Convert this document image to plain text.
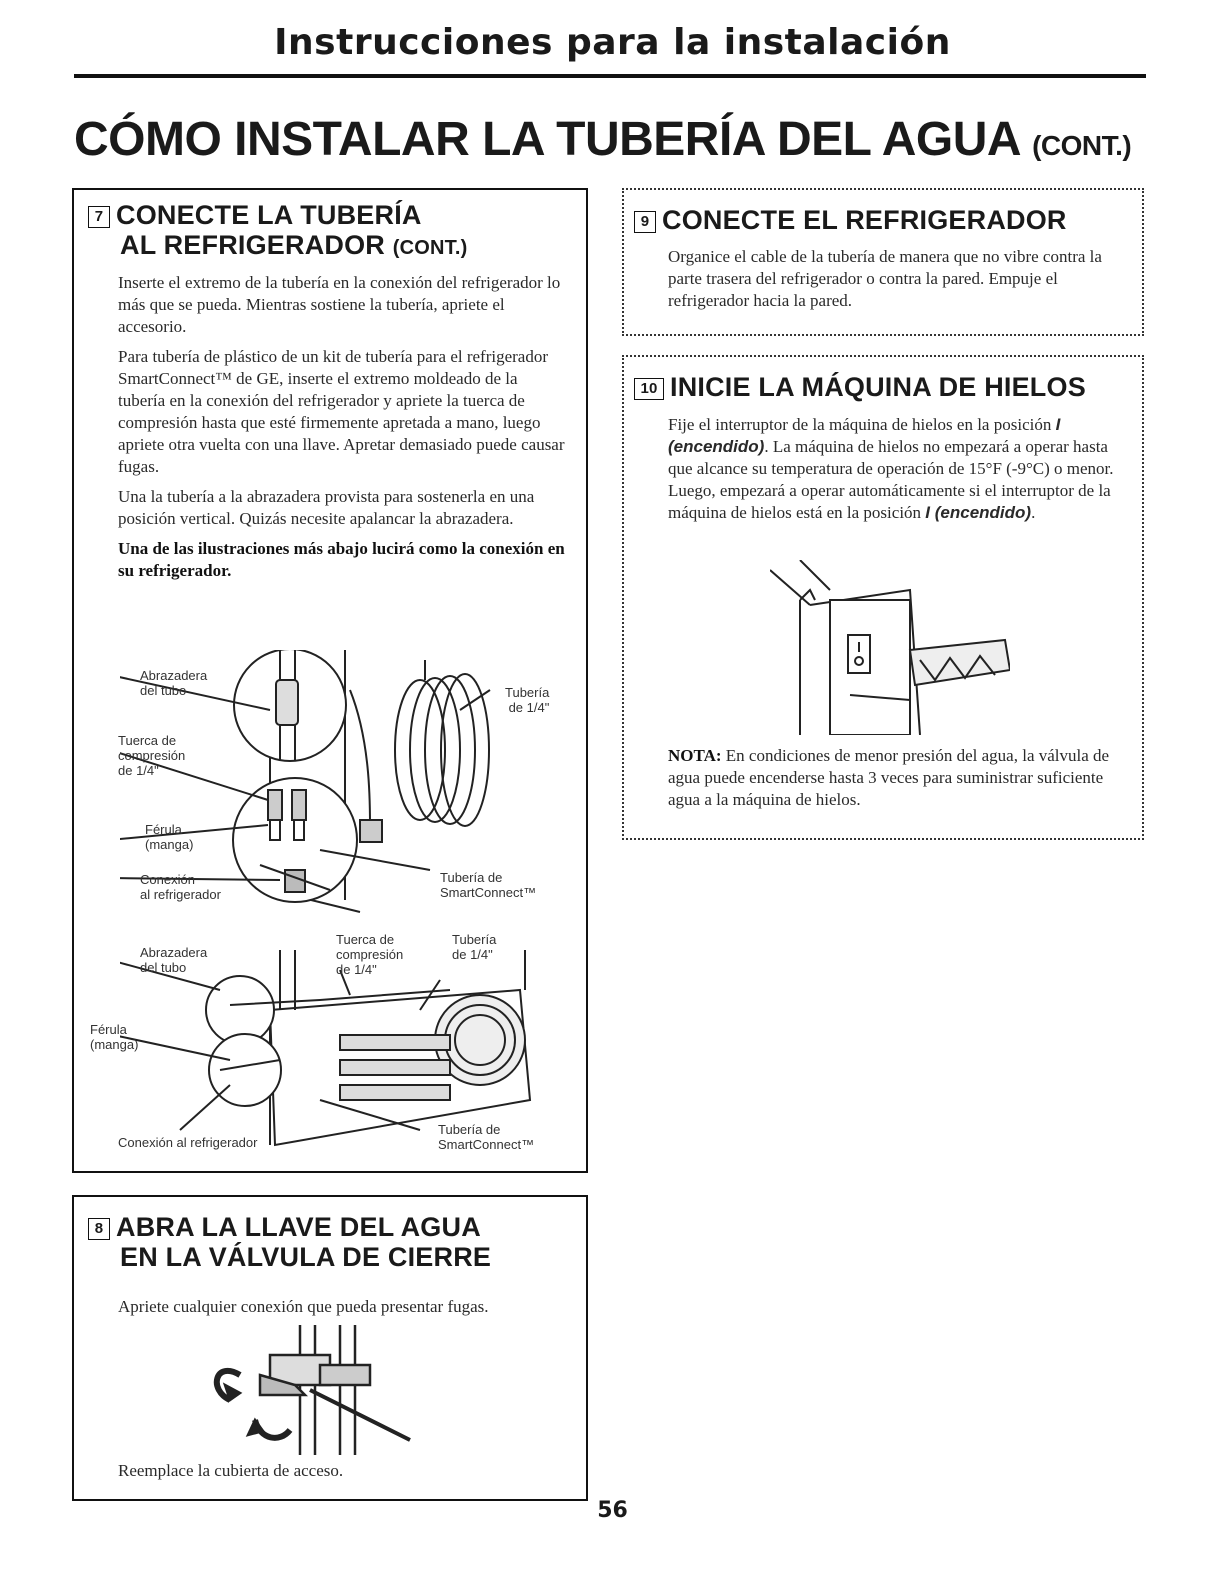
Instrucciones para la instalación
CÓMO INSTALAR LA TUBERÍA DEL AGUA (CONT.)
7 CONECTE LA TUBERÍA
AL REFRIGERADOR (CONT.)

Inserte el extremo de la tubería en la conexión del refrigerador lo más que se pueda. Mientras sostiene la tubería, apriete el accesorio.

Para tubería de plástico de un kit de tubería para el refrigerador SmartConnect™ de GE, inserte el extremo moldeado de la tubería en la conexión del refrigerador y apriete la tuerca de compresión hasta que esté firmemente apretada a mano, luego apriete otra vuelta con una llave. Apretar demasiado puede causar fugas.

Una la tubería a la abrazadera provista para sostenerla en una posición vertical. Quizás necesite apalancar la abrazadera.

Una de las ilustraciones más abajo lucirá como la conexión en su refrigerador.

Abrazadera
del tubo	Tubería
de 1/4"
Tuerca de
compresión
de 1/4"
Férula
(manga)
Conexión
al refrigerador
Tubería de
SmartConnect™
Abrazadera
del tubo
Tuerca de
compresión
de 1/4"
Tubería
de 1/4"
Férula
(manga)
Conexión al refrigerador
Tubería de
SmartConnect™
8 ABRA LA LLAVE DEL AGUA
EN LA VÁLVULA DE CIERRE
Apriete cualquier conexión que pueda presentar fugas.
Reemplace la cubierta de acceso.
9 CONECTE EL REFRIGERADOR
Organice el cable de la tubería de manera que no vibre contra la parte trasera del refrigerador o contra la pared. Empuje el refrigerador hacia la pared.
10 INICIE LA MÁQUINA DE HIELOS
Fije el interruptor de la máquina de hielos en la posición I (encendido). La máquina de hielos no empezará a operar hasta que alcance su temperatura de operación de 15°F (-9°C) o menor. Luego, empezará a operar automáticamente si el interruptor de la máquina de hielos está en la posición I (encendido).
NOTA: En condiciones de menor presión del agua, la válvula de agua puede encenderse hasta 3 veces para suministrar suficiente agua a la máquina de hielos.
56
